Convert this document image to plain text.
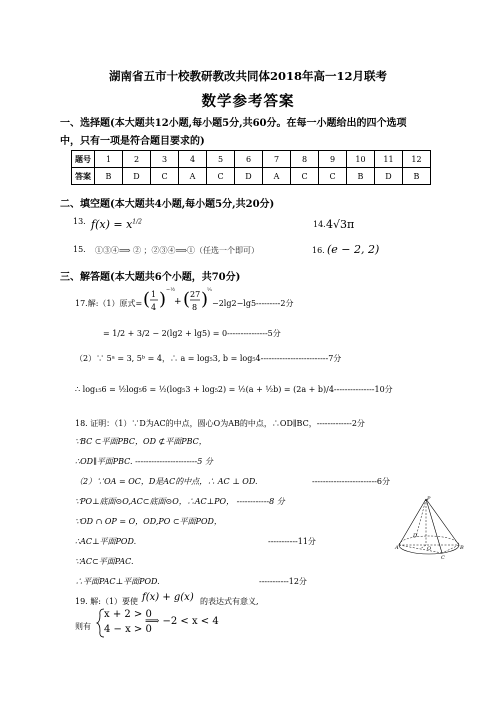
湖南省五市十校教研教改共同体2018年高一12月联考
数学参考答案
一、选择题(本大题共12小题,每小题5分,共60分。在每一小题给出的四个选项
中，只有一项是符合题目要求的)
题号	1	2	3	4	5	6	7	8	9	10	11	12
答案	B	D	C	A	C	D	A	C	C	B	D	B
二、填空题(本大题共4小题,每小题5分,共20分)
13. $f(x) = x^{1/2}$	14. 4√3π
15. ①③④⟹ ② ；②③④⟹①（任选一个即可）	16. (e − 2, 2)
三、解答题(本大题共6个小题，共70分)
17.解:（1）原式= ( 1
4 ) −½
+ ( 27
8 )
⅓
−2lg2−lg5---------2分
= 1/2 + 3/2 − 2(lg2 + lg5) = 0---------------5分
（2）∵ 5ᵃ = 3, 5ᵇ = 4，∴ a = log₅3, b = log₅4-------------------------7分
∴ log₁₅6 = ½log₅6 = ½(log₅3 + log₅2) = ½(a + ½b) = (2a + b)/4---------------10分
18. 证明：（1）∵D为AC的中点，圆心O为AB的中点，∴OD∥BC，-------------2分
∵BC ⊂平面PBC，OD ⊄平面PBC，
∴OD∥平面PBC. -----------------------5 分
（2）∵OA = OC，D是AC的中点，∴ AC ⊥ OD.	------------------------6分
∵PO⊥底面⊙O,AC⊂底面⊙O，∴AC⊥PO， ------------8 分
∵OD ∩ OP = O，OD,PO ⊂平面POD，
∴AC⊥平面POD.	-----------11分
∵AC⊂平面PAC.
∴平面PAC⊥平面POD.	-----------12分
P
A	B
O
C
D
19. 解:（1）要使 f(x) + g(x) 的表达式有意义,
则有
x + 2 > 0
4 − x > 0
⟹ −2 < x < 4
